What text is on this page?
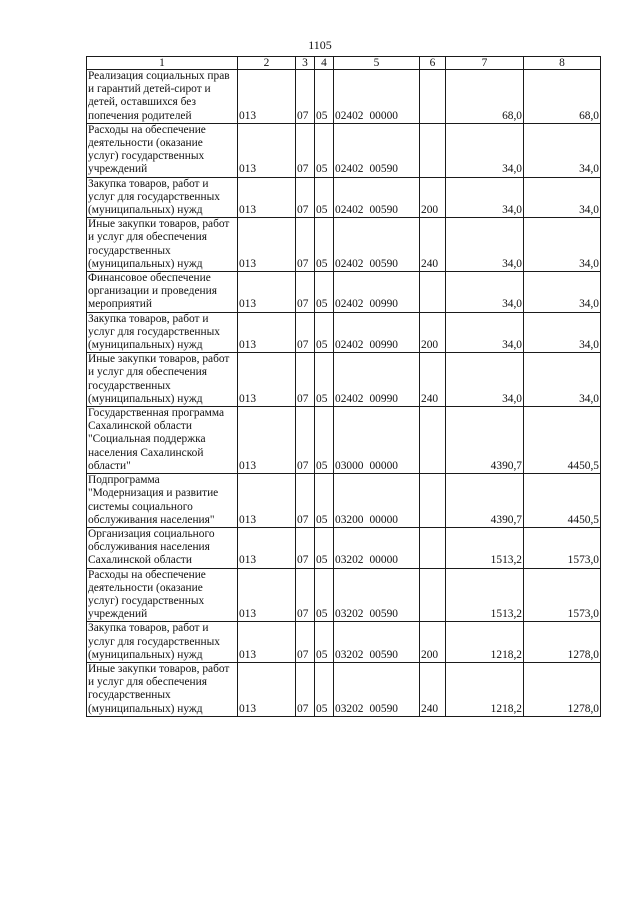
1105
1	2	3	4	5	6	7	8
Реализация социальных прав и гарантий детей-сирот и детей, оставшихся без попечения родителей	013	07	05	02402 00000		68,0	68,0
Расходы на обеспечение деятельности (оказание услуг) государственных учреждений	013	07	05	02402 00590		34,0	34,0
Закупка товаров, работ и услуг для государственных (муниципальных) нужд	013	07	05	02402 00590	200	34,0	34,0
Иные закупки товаров, работ и услуг для обеспечения государственных (муниципальных) нужд	013	07	05	02402 00590	240	34,0	34,0
Финансовое обеспечение организации и проведения мероприятий	013	07	05	02402 00990		34,0	34,0
Закупка товаров, работ и услуг для государственных (муниципальных) нужд	013	07	05	02402 00990	200	34,0	34,0
Иные закупки товаров, работ и услуг для обеспечения государственных (муниципальных) нужд	013	07	05	02402 00990	240	34,0	34,0
Государственная программа Сахалинской области "Социальная поддержка населения Сахалинской области"	013	07	05	03000 00000		4390,7	4450,5
Подпрограмма "Модернизация и развитие системы социального обслуживания населения"	013	07	05	03200 00000		4390,7	4450,5
Организация социального обслуживания населения Сахалинской области	013	07	05	03202 00000		1513,2	1573,0
Расходы на обеспечение деятельности (оказание услуг) государственных учреждений	013	07	05	03202 00590		1513,2	1573,0
Закупка товаров, работ и услуг для государственных (муниципальных) нужд	013	07	05	03202 00590	200	1218,2	1278,0
Иные закупки товаров, работ и услуг для обеспечения государственных (муниципальных) нужд	013	07	05	03202 00590	240	1218,2	1278,0
